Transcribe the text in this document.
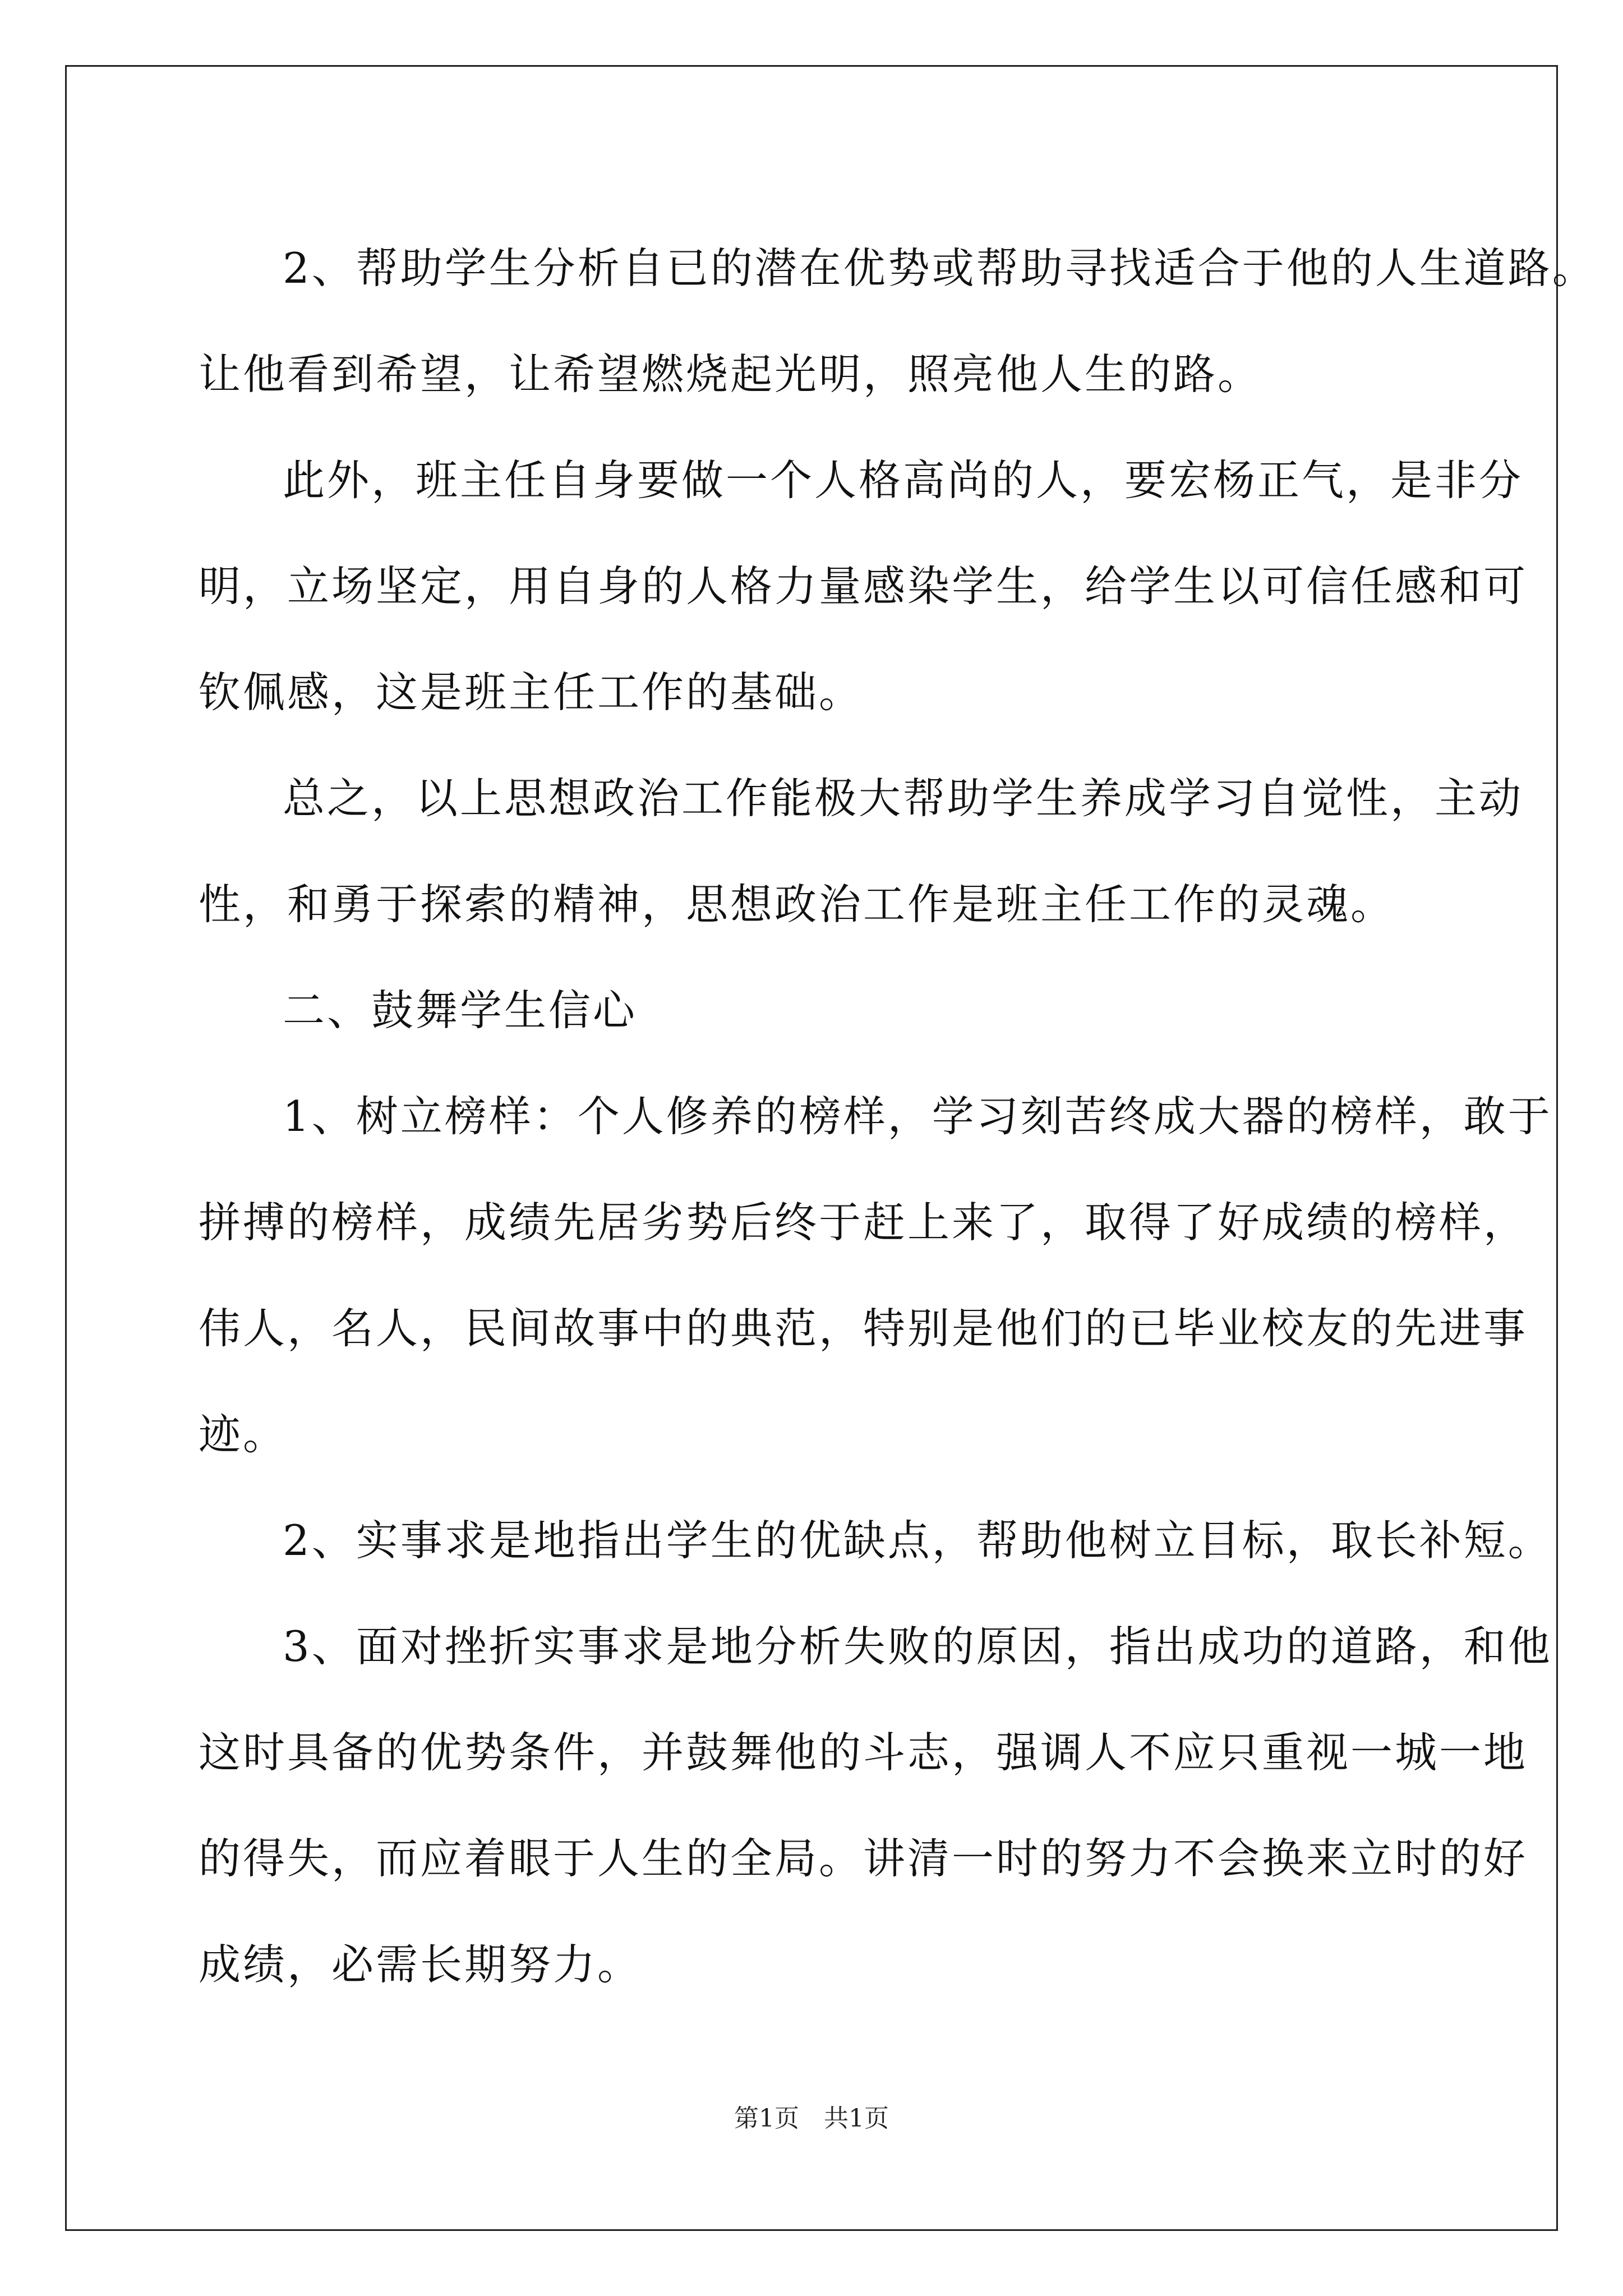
2、帮助学生分析自已的潜在优势或帮助寻找适合于他的人生道路。
让他看到希望，让希望燃烧起光明，照亮他人生的路。
此外，班主任自身要做一个人格高尚的人，要宏杨正气，是非分
明，立场坚定，用自身的人格力量感染学生，给学生以可信任感和可
钦佩感，这是班主任工作的基础。
总之，以上思想政治工作能极大帮助学生养成学习自觉性，主动
性，和勇于探索的精神，思想政治工作是班主任工作的灵魂。
二、鼓舞学生信心
1、树立榜样：个人修养的榜样，学习刻苦终成大器的榜样，敢于
拼搏的榜样，成绩先居劣势后终于赶上来了，取得了好成绩的榜样，
伟人，名人，民间故事中的典范，特别是他们的已毕业校友的先进事
迹。
2、实事求是地指出学生的优缺点，帮助他树立目标，取长补短。
3、面对挫折实事求是地分析失败的原因，指出成功的道路，和他
这时具备的优势条件，并鼓舞他的斗志，强调人不应只重视一城一地
的得失，而应着眼于人生的全局。讲清一时的努力不会换来立时的好
成绩，必需长期努力。
第1页　共1页
